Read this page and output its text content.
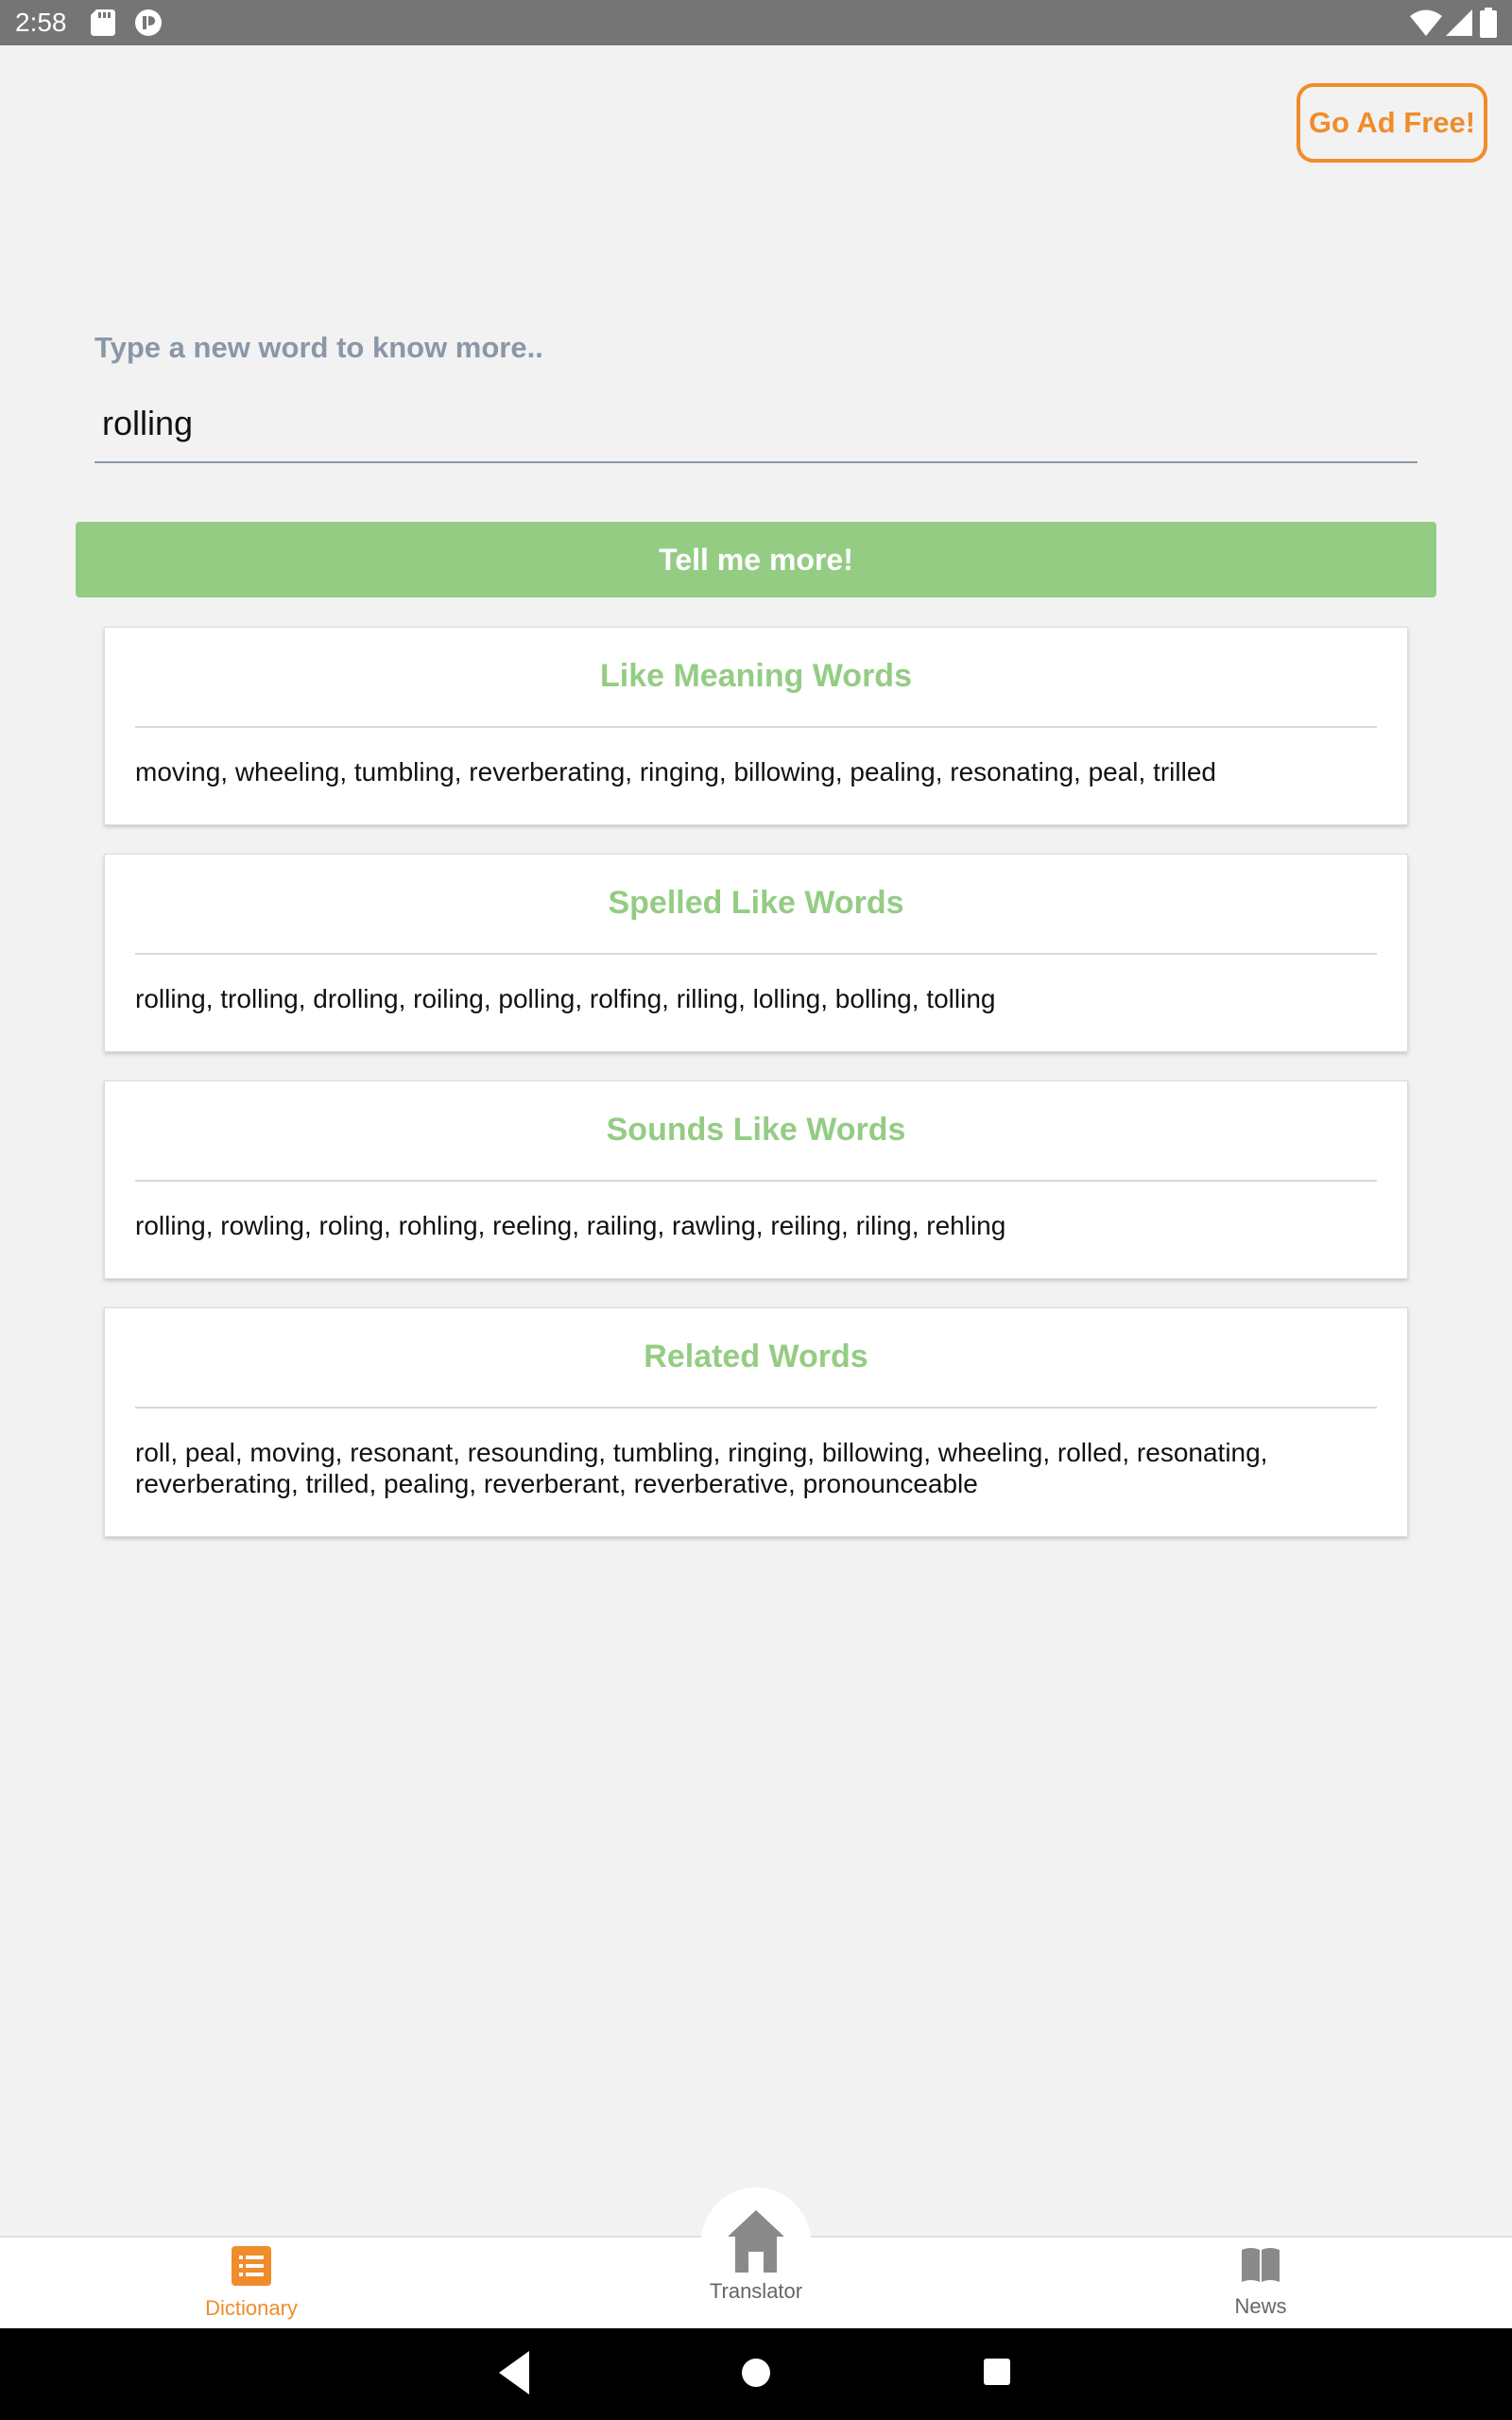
2:58
Go Ad Free!
Type a new word to know more..
rolling
Tell me more!
Like Meaning Words
moving, wheeling, tumbling, reverberating, ringing, billowing, pealing, resonating, peal, trilled
Spelled Like Words
rolling, trolling, drolling, roiling, polling, rolfing, rilling, lolling, bolling, tolling
Sounds Like Words
rolling, rowling, roling, rohling, reeling, railing, rawling, reiling, riling, rehling
Related Words
roll, peal, moving, resonant, resounding, tumbling, ringing, billowing, wheeling, rolled, resonating, reverberating, trilled, pealing, reverberant, reverberative, pronounceable
Dictionary
Translator
News
